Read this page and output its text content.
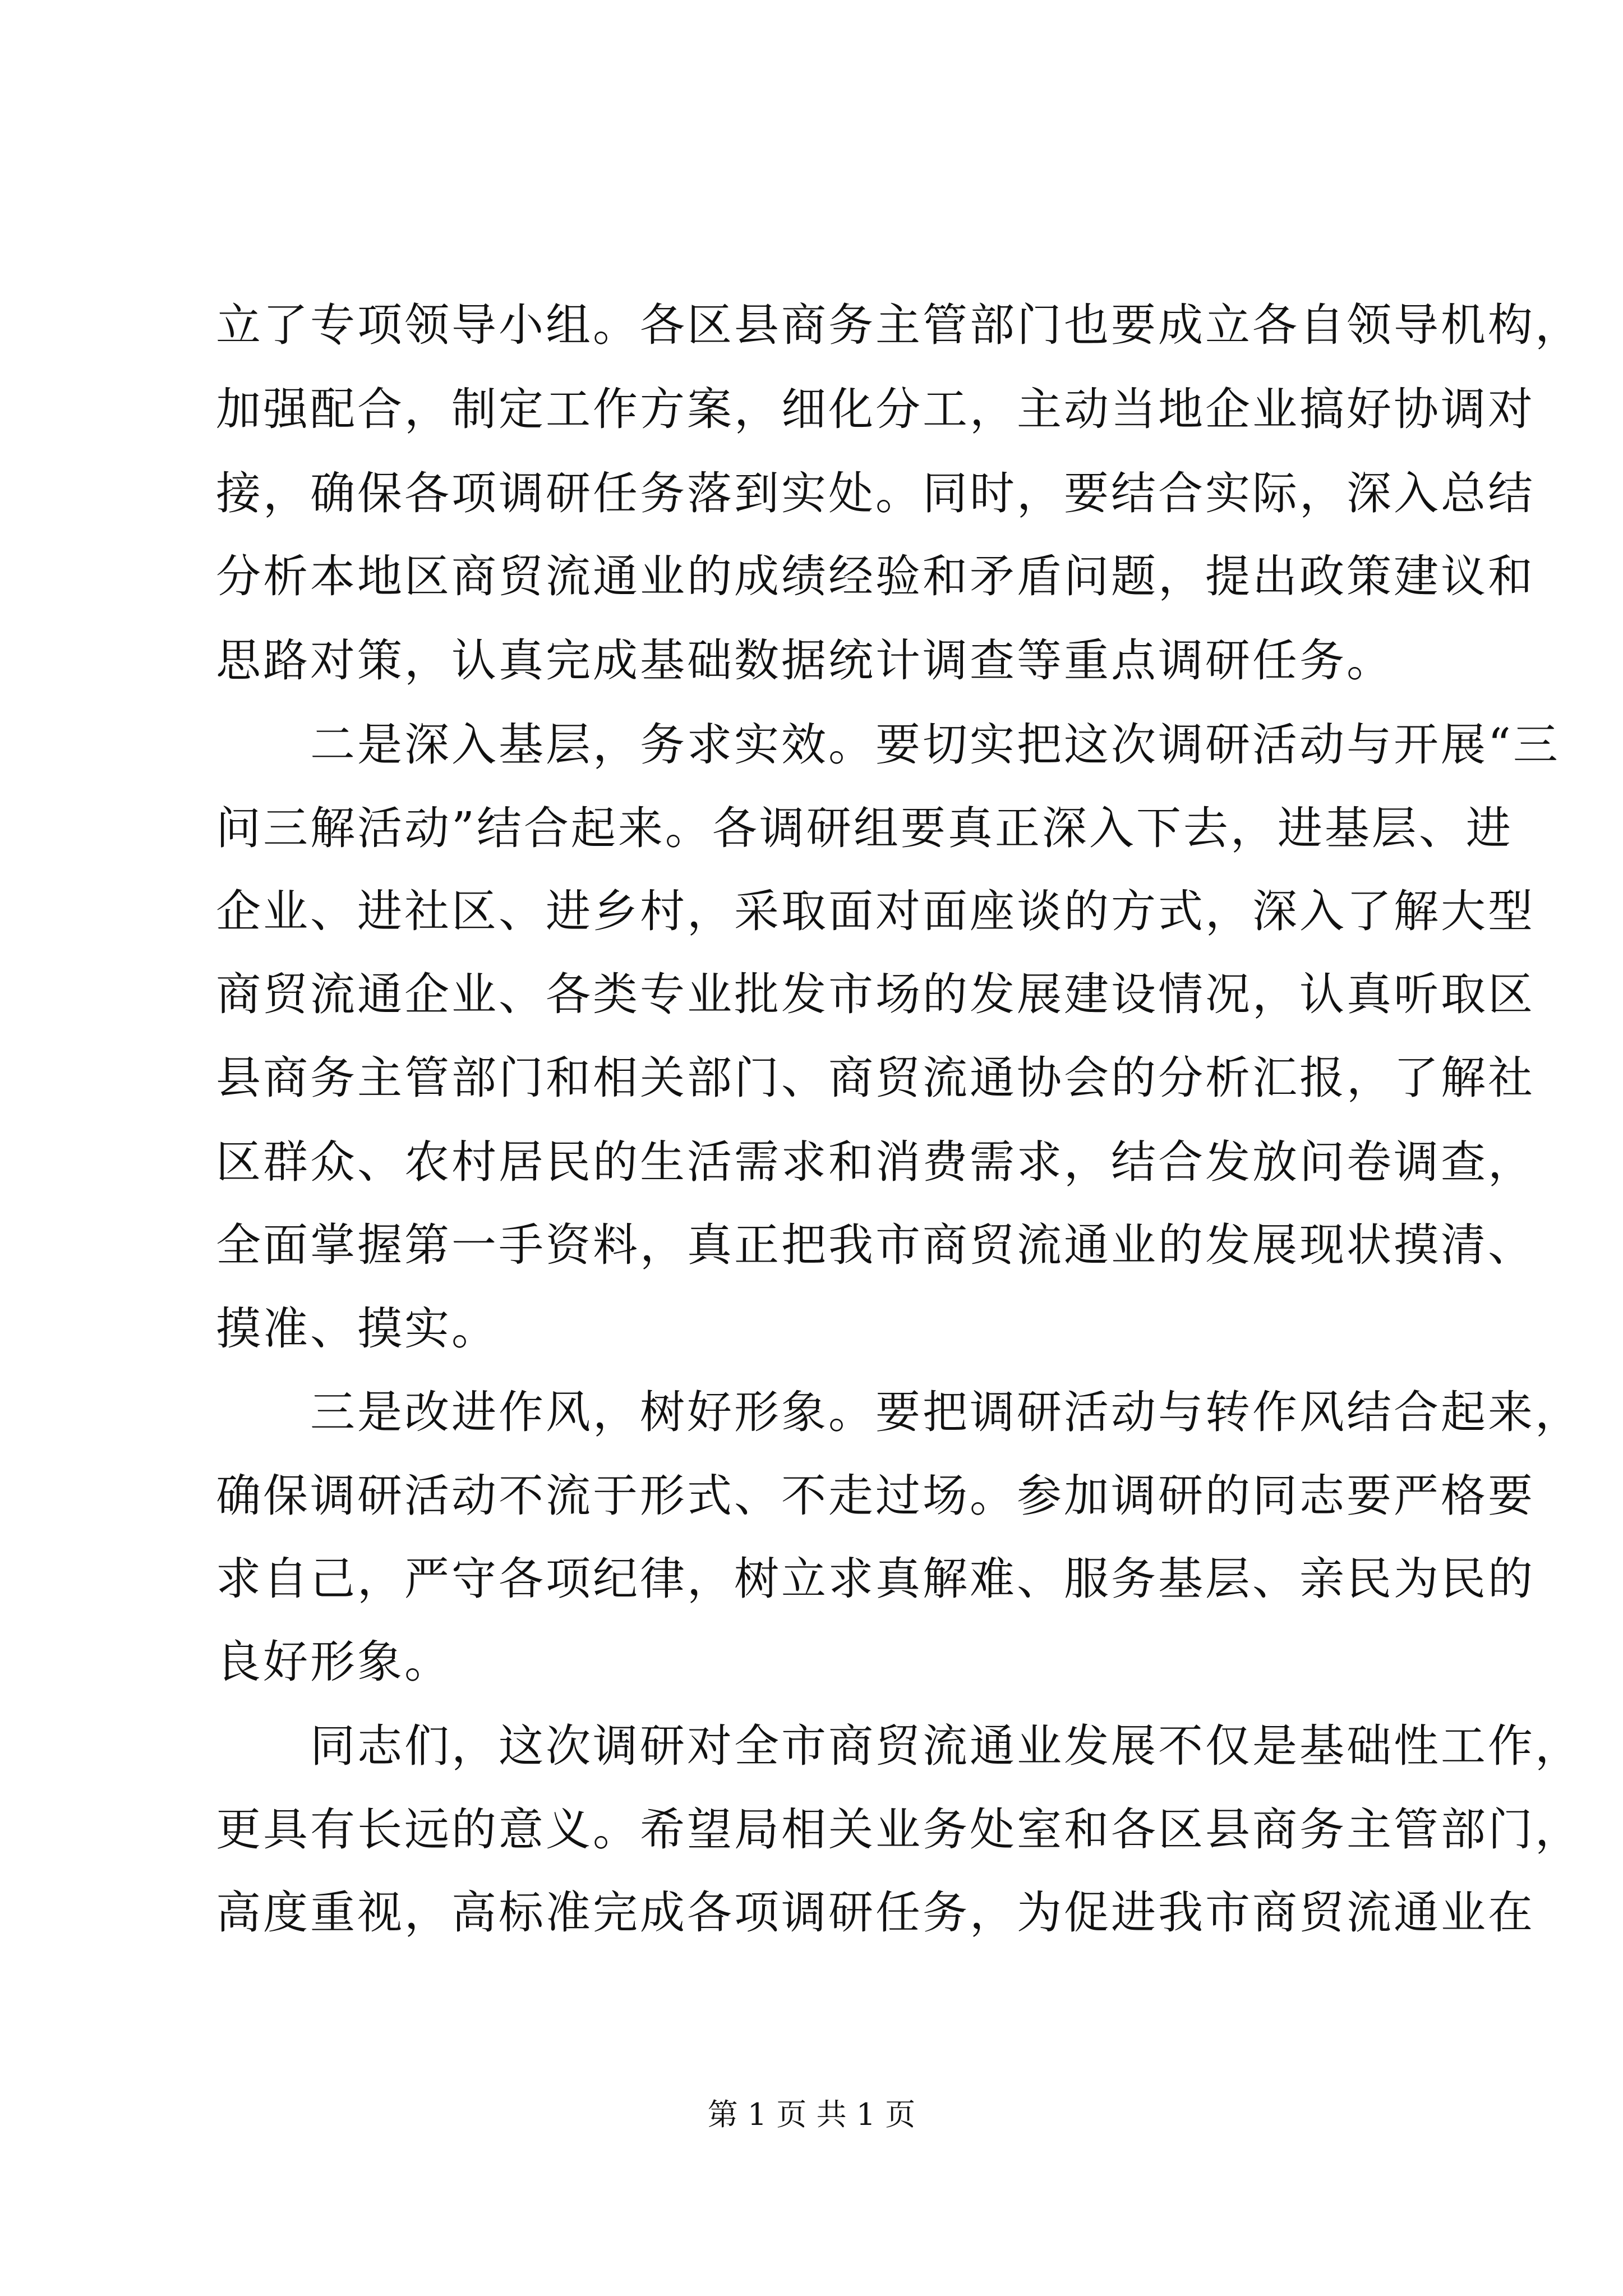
立了专项领导小组。各区县商务主管部门也要成立各自领导机构，
加强配合，制定工作方案，细化分工，主动当地企业搞好协调对
接，确保各项调研任务落到实处。同时，要结合实际，深入总结
分析本地区商贸流通业的成绩经验和矛盾问题，提出政策建议和
思路对策，认真完成基础数据统计调查等重点调研任务。
　　二是深入基层，务求实效。要切实把这次调研活动与开展“三
问三解活动”结合起来。各调研组要真正深入下去，进基层、进
企业、进社区、进乡村，采取面对面座谈的方式，深入了解大型
商贸流通企业、各类专业批发市场的发展建设情况，认真听取区
县商务主管部门和相关部门、商贸流通协会的分析汇报，了解社
区群众、农村居民的生活需求和消费需求，结合发放问卷调查，
全面掌握第一手资料，真正把我市商贸流通业的发展现状摸清、
摸准、摸实。
　　三是改进作风，树好形象。要把调研活动与转作风结合起来，
确保调研活动不流于形式、不走过场。参加调研的同志要严格要
求自己，严守各项纪律，树立求真解难、服务基层、亲民为民的
良好形象。
　　同志们，这次调研对全市商贸流通业发展不仅是基础性工作，
更具有长远的意义。希望局相关业务处室和各区县商务主管部门，
高度重视，高标准完成各项调研任务，为促进我市商贸流通业在
第 1 页 共 1 页
